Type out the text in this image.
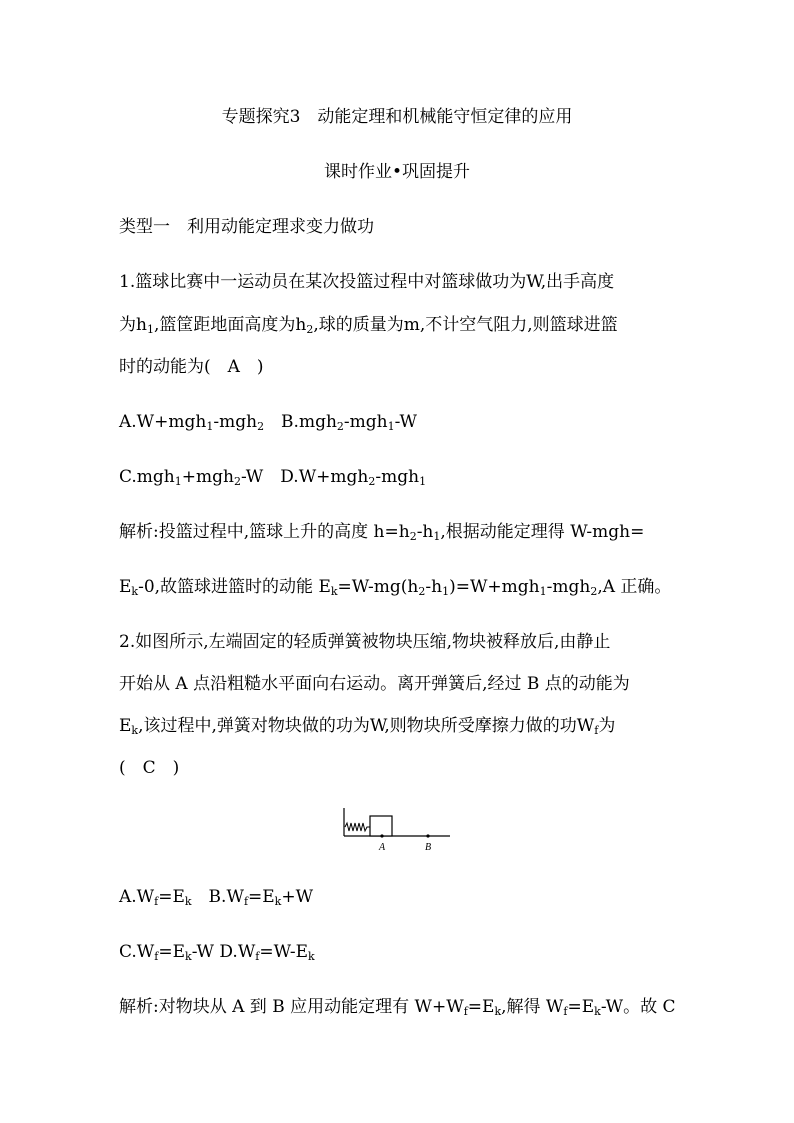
专题探究3　动能定理和机械能守恒定律的应用
课时作业•巩固提升
类型一　利用动能定理求变力做功
1.篮球比赛中一运动员在某次投篮过程中对篮球做功为W,出手高度
为$h_1$,篮筐距地面高度为$h_2$,球的质量为m,不计空气阻力,则篮球进篮
时的动能为(　A　)
A.W+mgh$_1$-mgh$_2$　B.mgh$_2$-mgh$_1$-W
C.mgh$_1$+mgh$_2$-W　D.W+mgh$_2$-mgh$_1$
解析:投篮过程中,篮球上升的高度 $h=h_2-h_1$,根据动能定理得 W-mgh=
$E_k-0$,故篮球进篮时的动能 $E_k=W-mg(h_2-h_1)=W+mgh_1-mgh_2,A$ 正确。
2.如图所示,左端固定的轻质弹簧被物块压缩,物块被释放后,由静止
开始从 A 点沿粗糙水平面向右运动。离开弹簧后,经过 B 点的动能为
$E_k$,该过程中,弹簧对物块做的功为W,则物块所受摩擦力做的功$W_f$为
(　C　)
A	B
$A.W_f=E_k$　$B.W_f=E_k+W$
$C.W_f=E_k-W$ $D.W_f=W-E_k$
解析:对物块从 A 到 B 应用动能定理有 $W+W_f=E_k$,解得 $W_f=E_k-W$。故 C
